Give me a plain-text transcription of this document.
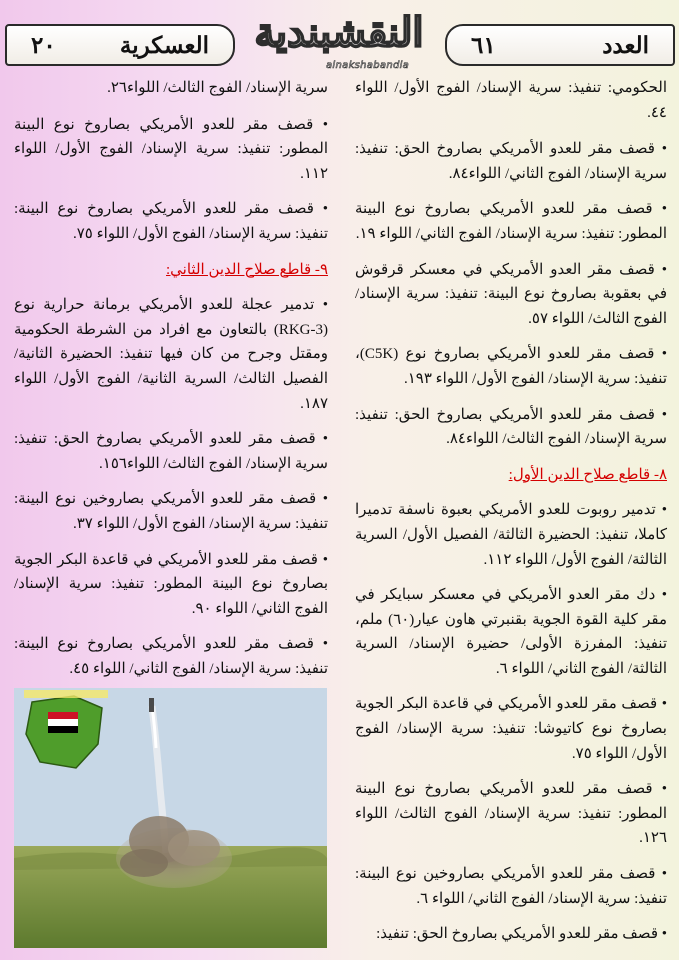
العدد
٦١
النقشبندية
alnakshabandia
العسكرية
٢٠

الحكومي: تنفيذ: سرية الإسناد/ الفوج الأول/ اللواء ٤٤.

• قصف مقر للعدو الأمريكي بصاروخ الحق: تنفيذ: سرية الإسناد/ الفوج الثاني/ اللواء٨٤.

• قصف مقر للعدو الأمريكي بصاروخ نوع البينة المطور: تنفيذ: سرية الإسناد/ الفوج الثاني/ اللواء ١٩.

• قصف مقر العدو الأمريكي في معسكر قرقوش في بعقوبة بصاروخ نوع البينة: تنفيذ: سرية الإسناد/ الفوج الثالث/ اللواء ٥٧.

• قصف مقر للعدو الأمريكي بصاروخ نوع (C5K)، تنفيذ: سرية الإسناد/ الفوج الأول/ اللواء ١٩٣.

• قصف مقر للعدو الأمريكي بصاروخ الحق: تنفيذ: سرية الإسناد/ الفوج الثالث/ اللواء٨٤.

٨- قاطع صلاح الدين الأول:

• تدمير روبوت للعدو الأمريكي بعبوة ناسفة تدميرا كاملا، تنفيذ: الحضيرة الثالثة/ الفصيل الأول/ السرية الثالثة/ الفوج الأول/ اللواء ١١٢.

• دك مقر العدو الأمريكي في معسكر سبايكر في مقر كلية القوة الجوية بقنبرتي هاون عيار(٦٠) ملم، تنفيذ: المفرزة الأولى/ حضيرة الإسناد/ السرية الثالثة/ الفوج الثاني/ اللواء ٦.

• قصف مقر للعدو الأمريكي في قاعدة البكر الجوية بصاروخ نوع كاتيوشا: تنفيذ: سرية الإسناد/ الفوج الأول/ اللواء ٧٥.

• قصف مقر للعدو الأمريكي بصاروخ نوع البينة المطور: تنفيذ: سرية الإسناد/ الفوج الثالث/ اللواء ١٢٦.

• قصف مقر للعدو الأمريكي بصاروخين نوع البينة: تنفيذ: سرية الإسناد/ الفوج الثاني/ اللواء ٦.

• قصف مقر للعدو الأمريكي بصاروخ الحق: تنفيذ:

سرية الإسناد/ الفوج الثالث/ اللواء٢٦.

• قصف مقر للعدو الأمريكي بصاروخ نوع البينة المطور: تنفيذ: سرية الإسناد/ الفوج الأول/ اللواء ١١٢.

• قصف مقر للعدو الأمريكي بصاروخ نوع البينة: تنفيذ: سرية الإسناد/ الفوج الأول/ اللواء ٧٥.

٩- قاطع صلاح الدين الثاني:

• تدمير عجلة للعدو الأمريكي برمانة حرارية نوع (RKG-3) بالتعاون مع افراد من الشرطة الحكومية ومقتل وجرح من كان فيها تنفيذ: الحضيرة الثانية/ الفصيل الثالث/ السرية الثانية/ الفوج الأول/ اللواء ١٨٧.

• قصف مقر للعدو الأمريكي بصاروخ الحق: تنفيذ: سرية الإسناد/ الفوج الثالث/ اللواء١٥٦.

• قصف مقر للعدو الأمريكي بصاروخين نوع البينة: تنفيذ: سرية الإسناد/ الفوج الأول/ اللواء ٣٧.

• قصف مقر للعدو الأمريكي في قاعدة البكر الجوية بصاروخ نوع البينة المطور: تنفيذ: سرية الإسناد/ الفوج الثاني/ اللواء ٩٠.

• قصف مقر للعدو الأمريكي بصاروخ نوع البينة: تنفيذ: سرية الإسناد/ الفوج الثاني/ اللواء ٤٥.
